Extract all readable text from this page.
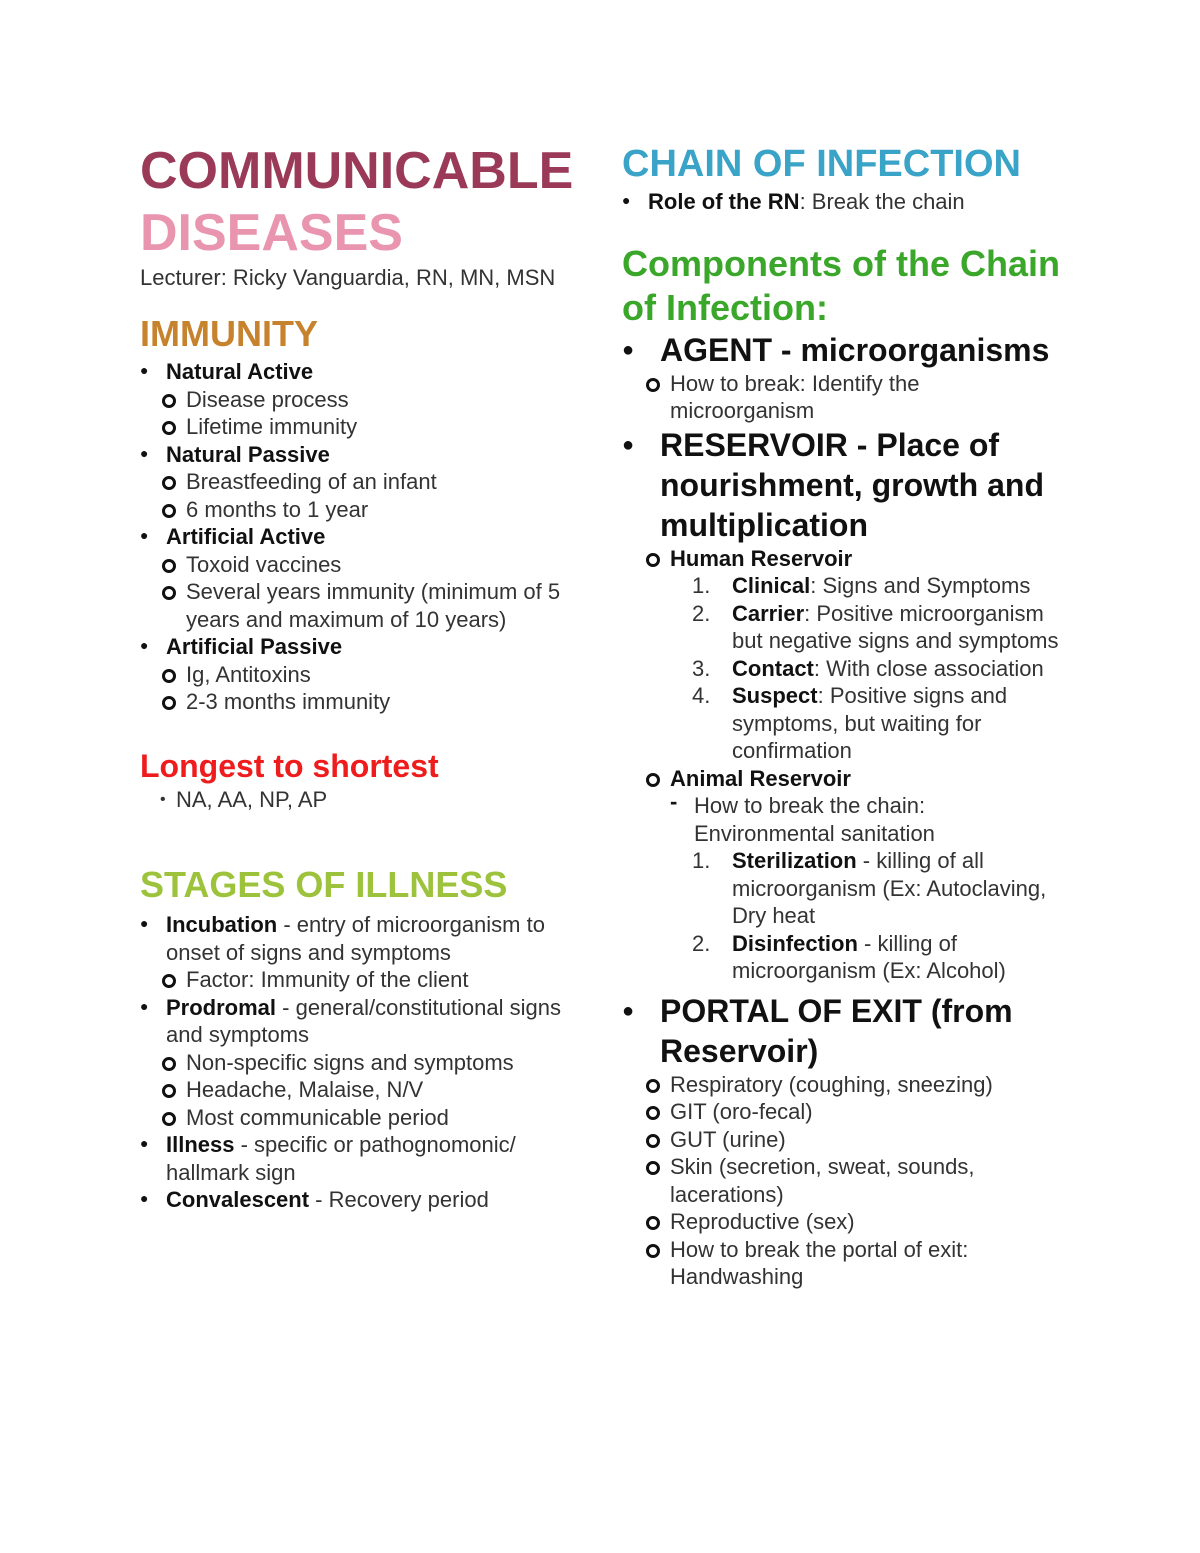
COMMUNICABLE
DISEASES

Lecturer: Ricky Vanguardia, RN, MN, MSN

IMMUNITY
● Natural Active
Disease process
Lifetime immunity
● Natural Passive
Breastfeeding of an infant
6 months to 1 year
● Artificial Active
Toxoid vaccines
Several years immunity (minimum of 5 years and maximum of 10 years)
● Artificial Passive
Ig, Antitoxins
2-3 months immunity
Longest to shortest
• NA, AA, NP, AP
STAGES OF ILLNESS
● Incubation - entry of microorganism to onset of signs and symptoms
Factor: Immunity of the client
● Prodromal - general/constitutional signs and symptoms
Non-specific signs and symptoms
Headache, Malaise, N/V
Most communicable period
● Illness - specific or pathognomonic/ hallmark sign
● Convalescent - Recovery period
CHAIN OF INFECTION
● Role of the RN: Break the chain
Components of the Chain of Infection:
● AGENT - microorganisms
How to break: Identify the microorganism
● RESERVOIR - Place of nourishment, growth and multiplication
Human Reservoir
1. Clinical: Signs and Symptoms
2. Carrier: Positive microorganism but negative signs and symptoms
3. Contact: With close association
4. Suspect: Positive signs and symptoms, but waiting for confirmation
Animal Reservoir
- How to break the chain: Environmental sanitation
1. Sterilization - killing of all microorganism (Ex: Autoclaving, Dry heat
2. Disinfection - killing of microorganism (Ex: Alcohol)
● PORTAL OF EXIT (from Reservoir)
Respiratory (coughing, sneezing)
GIT (oro-fecal)
GUT (urine)
Skin (secretion, sweat, sounds, lacerations)
Reproductive (sex)
How to break the portal of exit: Handwashing
